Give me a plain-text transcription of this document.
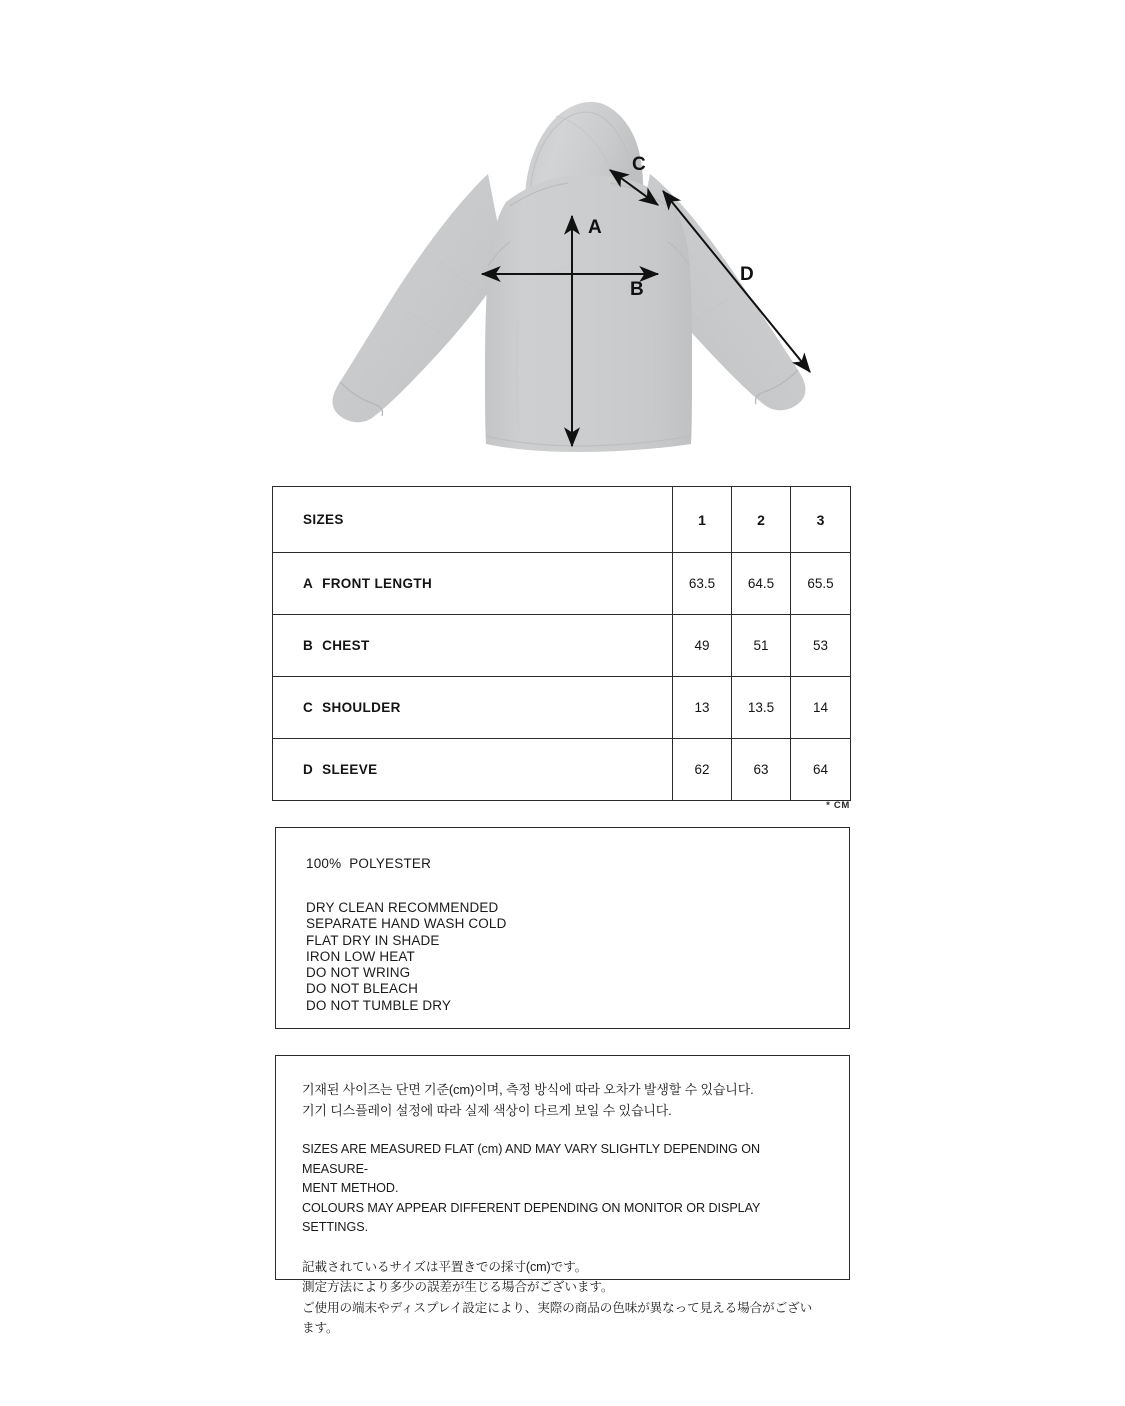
A
B
C
D
SIZES	1	2	3
A FRONT LENGTH	63.5	64.5	65.5
B CHEST	49	51	53
C SHOULDER	13	13.5	14
D SLEEVE	62	63	64
* CM
100%  POLYESTER
DRY CLEAN RECOMMENDED
SEPARATE HAND WASH COLD
FLAT DRY IN SHADE
IRON LOW HEAT
DO NOT WRING
DO NOT BLEACH
DO NOT TUMBLE DRY

기재된 사이즈는 단면 기준(cm)이며, 측정 방식에 따라 오차가 발생할 수 있습니다.

기기 디스플레이 설정에 따라 실제 색상이 다르게 보일 수 있습니다.

SIZES ARE MEASURED FLAT (cm) AND MAY VARY SLIGHTLY DEPENDING ON MEASURE-

MENT METHOD.

COLOURS MAY APPEAR DIFFERENT DEPENDING ON MONITOR OR DISPLAY SETTINGS.

記載されているサイズは平置きでの採寸(cm)です。

測定方法により多少の誤差が生じる場合がございます。

ご使用の端末やディスプレイ設定により、実際の商品の色味が異なって見える場合がございます。
